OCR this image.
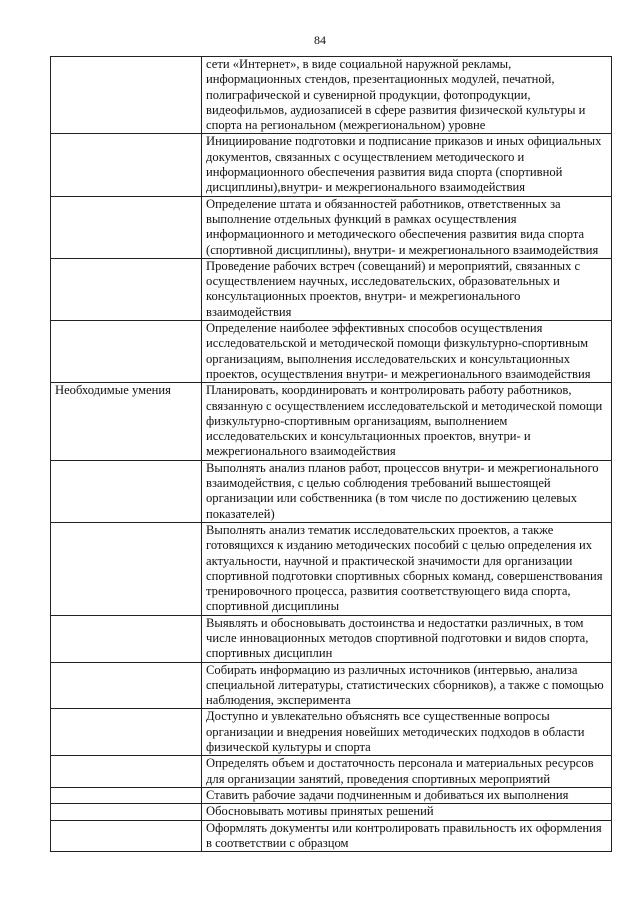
84
	сети «Интернет», в виде социальной наружной рекламы, информационных стендов, презентационных модулей, печатной, полиграфической и сувенирной продукции, фотопродукции, видеофильмов, аудиозаписей в сфере развития физической культуры и спорта на региональном (межрегиональном) уровне
	Инициирование подготовки и подписание приказов и иных официальных документов, связанных с осуществлением методического и информационного обеспечения развития вида спорта (спортивной дисциплины),внутри- и межрегионального взаимодействия
	Определение штата и обязанностей работников, ответственных за выполнение отдельных функций в рамках осуществления информационного и методического обеспечения развития вида спорта (спортивной дисциплины), внутри- и межрегионального взаимодействия
	Проведение рабочих встреч (совещаний) и мероприятий, связанных с осуществлением научных, исследовательских, образовательных и консультационных проектов, внутри- и межрегионального взаимодействия
	Определение наиболее эффективных способов осуществления исследовательской и методической помощи физкультурно-спортивным организациям, выполнения исследовательских и консультационных проектов, осуществления внутри- и межрегионального взаимодействия
Необходимые умения	Планировать, координировать и контролировать работу работников, связанную с осуществлением исследовательской и методической помощи физкультурно-спортивным организациям, выполнением исследовательских и консультационных проектов, внутри- и межрегионального взаимодействия
	Выполнять анализ планов работ, процессов внутри- и межрегионального взаимодействия, с целью соблюдения требований вышестоящей организации или собственника (в том числе по достижению целевых показателей)
	Выполнять анализ тематик исследовательских проектов, а также готовящихся к изданию методических пособий с целью определения их актуальности, научной и практической значимости для организации спортивной подготовки спортивных сборных команд, совершенствования тренировочного процесса, развития соответствующего вида спорта, спортивной дисциплины
	Выявлять и обосновывать достоинства и недостатки различных, в том числе инновационных методов спортивной подготовки и видов спорта, спортивных дисциплин
	Собирать информацию из различных источников (интервью, анализа специальной литературы, статистических сборников), а также с помощью наблюдения, эксперимента
	Доступно и увлекательно объяснять все существенные вопросы организации и внедрения новейших методических подходов в области физической культуры и спорта
	Определять объем и достаточность персонала и материальных ресурсов для организации занятий, проведения спортивных мероприятий
	Ставить рабочие задачи подчиненным и добиваться их выполнения
	Обосновывать мотивы принятых решений
	Оформлять документы или контролировать правильность их оформления в соответствии с образцом
